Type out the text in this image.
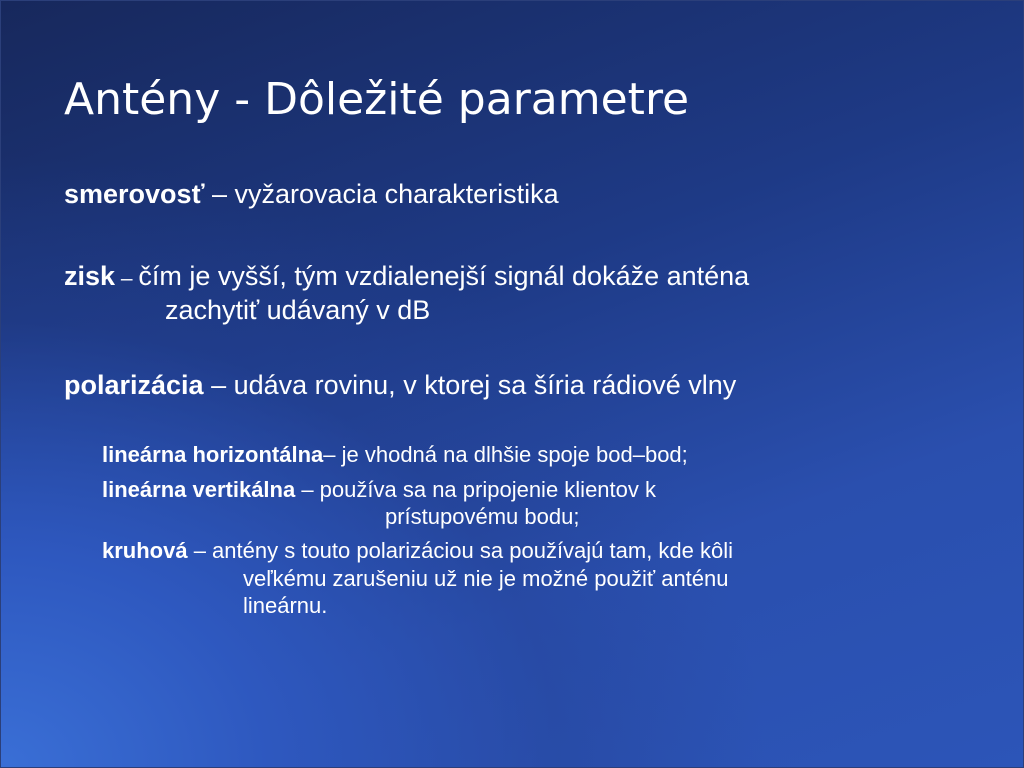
Antény - Dôležité parametre
smerovosť – vyžarovacia charakteristika
zisk – čím je vyšší, tým vzdialenejší signál dokáže anténa
zachytiť udávaný v dB
polarizácia – udáva rovinu, v ktorej sa šíria rádiové vlny
lineárna horizontálna– je vhodná na dlhšie spoje bod–bod;
lineárna vertikálna – používa sa na pripojenie klientov k
prístupovému bodu;
kruhová – antény s touto polarizáciou sa používajú tam, kde kôli
veľkému zarušeniu už nie je možné použiť anténu
lineárnu.
